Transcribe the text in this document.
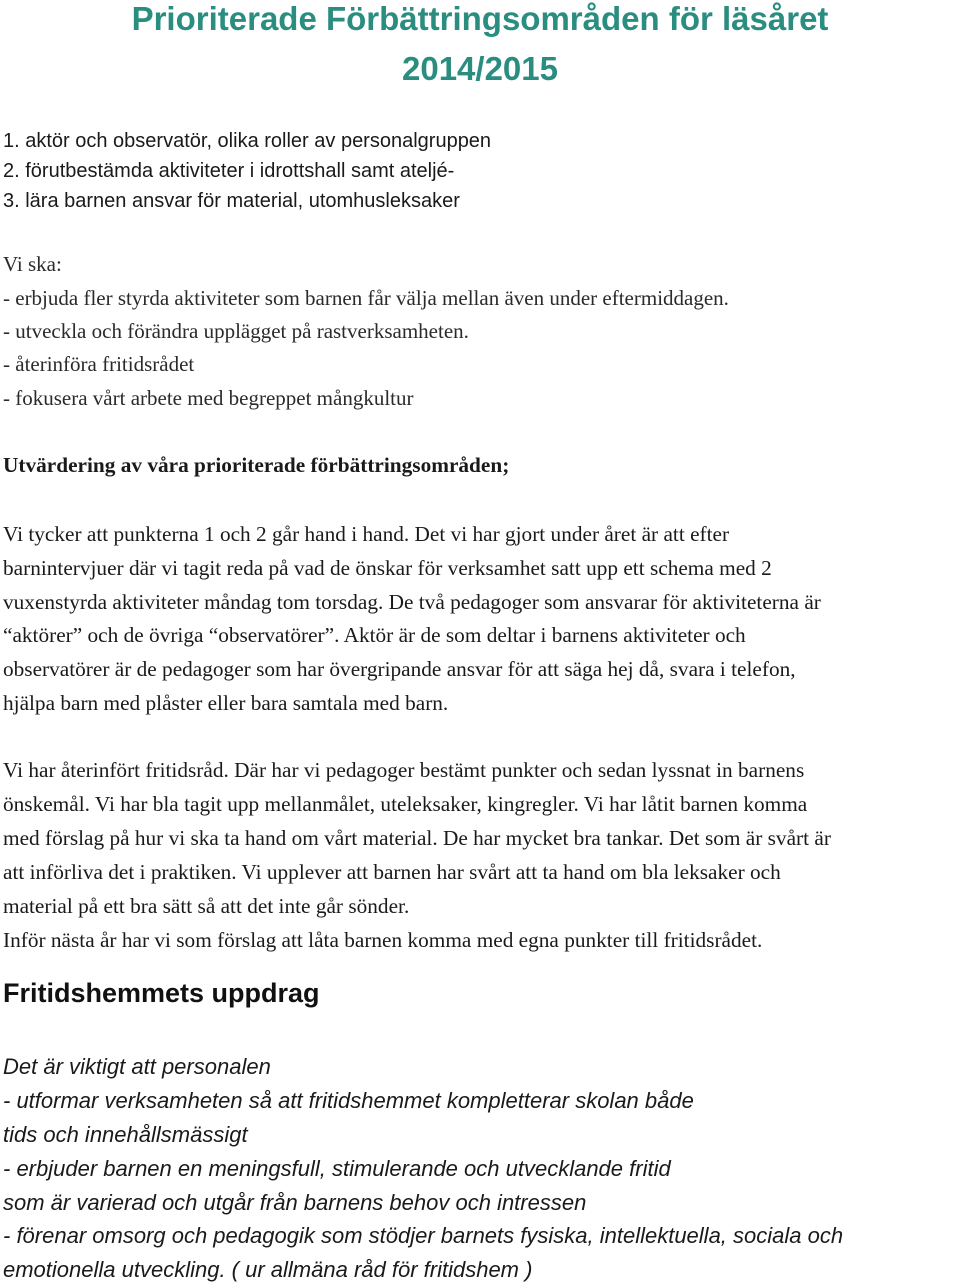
Prioriterade Förbättringsområden för läsåret
2014/2015

1. aktör och observatör, olika roller av personalgruppen

2. förutbestämda aktiviteter i idrottshall samt ateljé-

3. lära barnen ansvar för material, utomhusleksaker

Vi ska:

- erbjuda fler styrda aktiviteter som barnen får välja mellan även under eftermiddagen.

- utveckla och förändra upplägget på rastverksamheten.

- återinföra fritidsrådet

- fokusera vårt arbete med begreppet mångkultur

Utvärdering av våra prioriterade förbättringsområden;

Vi tycker att punkterna 1 och 2 går hand i hand. Det vi har gjort under året är att efter

barnintervjuer där vi tagit reda på vad de önskar för verksamhet satt upp ett schema med 2

vuxenstyrda aktiviteter måndag tom torsdag. De två pedagoger som ansvarar för aktiviteterna är

“aktörer” och de övriga “observatörer”. Aktör är de som deltar i barnens aktiviteter och

observatörer är de pedagoger som har övergripande ansvar för att säga hej då, svara i telefon,

hjälpa barn med plåster eller bara samtala med barn.

Vi har återinfört fritidsråd. Där har vi pedagoger bestämt punkter och sedan lyssnat in barnens

önskemål. Vi har bla tagit upp mellanmålet, uteleksaker, kingregler. Vi har låtit barnen komma

med förslag på hur vi ska ta hand om vårt material. De har mycket bra tankar. Det som är svårt är

att införliva det i praktiken. Vi upplever att barnen har svårt att ta hand om bla leksaker och

material på ett bra sätt så att det inte går sönder.

Inför nästa år har vi som förslag att låta barnen komma med egna punkter till fritidsrådet.

Fritidshemmets uppdrag

Det är viktigt att personalen

- utformar verksamheten så att fritidshemmet kompletterar skolan både

tids och innehållsmässigt

- erbjuder barnen en meningsfull, stimulerande och utvecklande fritid

som är varierad och utgår från barnens behov och intressen

- förenar omsorg och pedagogik som stödjer barnets fysiska, intellektuella, sociala och

emotionella utveckling. ( ur allmäna råd för fritidshem )
